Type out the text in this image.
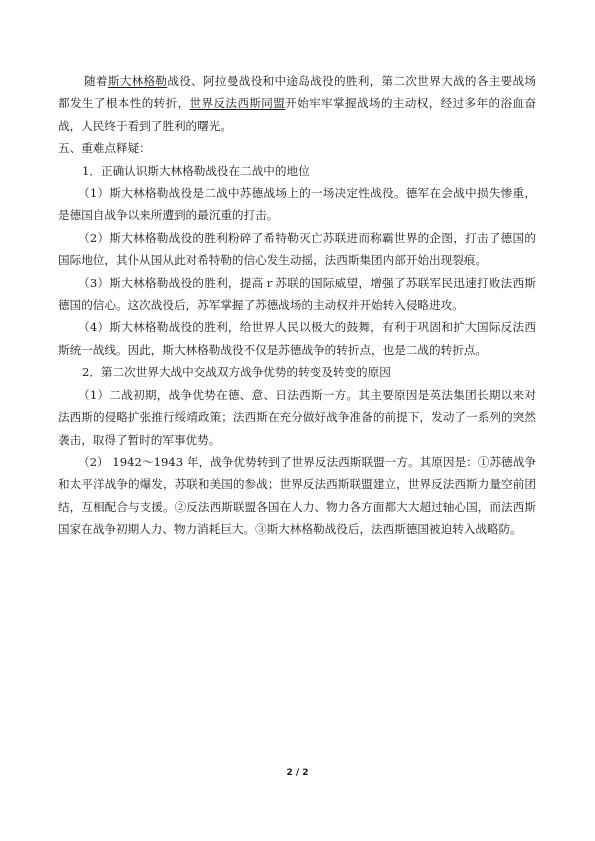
随着斯大林格勒战役、阿拉曼战役和中途岛战役的胜利，第二次世界大战的各主要战场都发生了根本性的转折，世界反法西斯同盟开始牢牢掌握战场的主动权，经过多年的浴血奋战，人民终于看到了胜利的曙光。

五、重难点释疑：

1．正确认识斯大林格勒战役在二战中的地位

（1）斯大林格勒战役是二战中苏德战场上的一场决定性战役。德军在会战中损失惨重，是德国自战争以来所遭到的最沉重的打击。

（2）斯大林格勒战役的胜利粉碎了希特勒灭亡苏联进而称霸世界的企图，打击了德国的国际地位，其仆从国从此对希特勒的信心发生动摇，法西斯集团内部开始出现裂痕。

（3）斯大林格勒战役的胜利，提高ｒ苏联的国际威望，增强了苏联军民迅速打败法西斯德国的信心。这次战役后，苏军掌握了苏德战场的主动权并开始转入侵略进攻。

（4）斯大林格勒战役的胜利，给世界人民以极大的鼓舞，有利于巩固和扩大国际反法西斯统一战线。因此，斯大林格勒战役不仅是苏德战争的转折点，也是二战的转折点。

2．第二次世界大战中交战双方战争优势的转变及转变的原因

（1）二战初期，战争优势在德、意、日法西斯一方。其主要原因是英法集团长期以来对法西斯的侵略扩张推行绥靖政策；法西斯在充分做好战争准备的前提下，发动了一系列的突然袭击，取得了暂时的军事优势。

（2） 1942～1943 年，战争优势转到了世界反法西斯联盟一方。其原因是：①苏德战争和太平洋战争的爆发，苏联和美国的参战；世界反法西斯联盟建立，世界反法西斯力量空前团结，互相配合与支援。②反法西斯联盟各国在人力、物力各方面都大大超过轴心国，而法西斯国家在战争初期人力、物力消耗巨大。③斯大林格勒战役后，法西斯德国被迫转入战略防。

2 / 2
